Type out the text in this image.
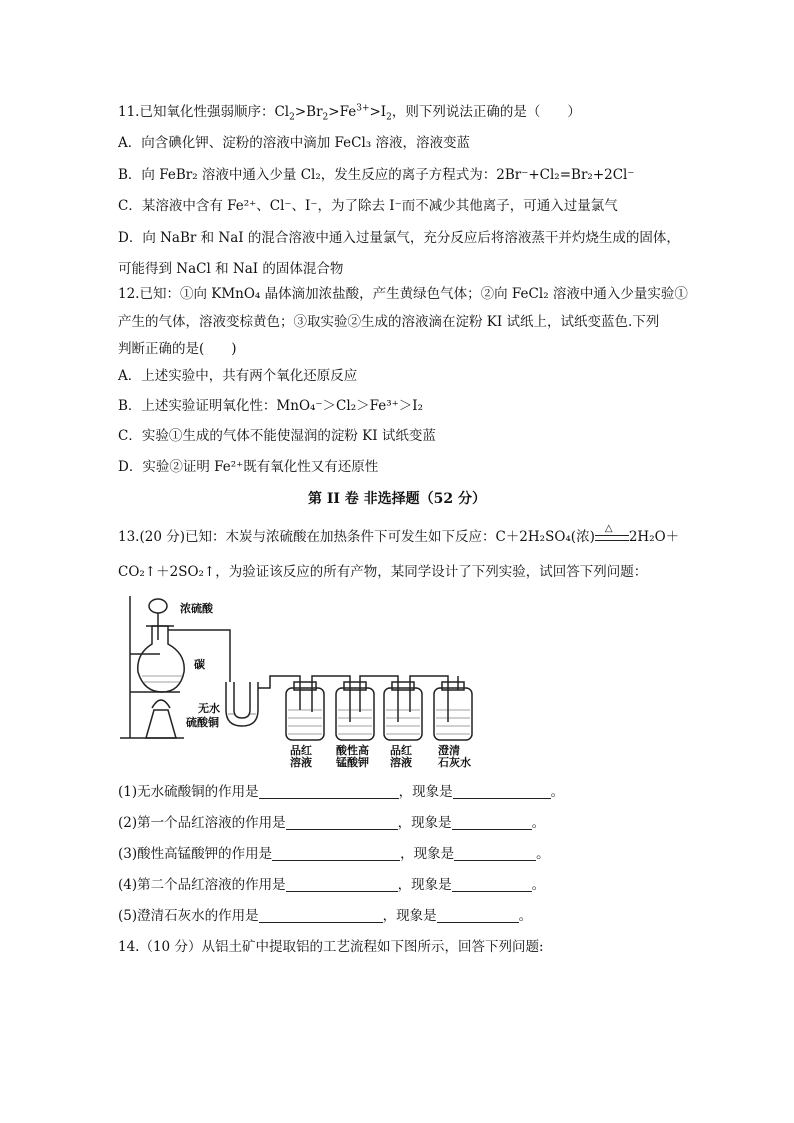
11.已知氧化性强弱顺序：$Cl_2>Br_2>Fe^{3+}>I_2$，则下列说法正确的是（　　）
A．向含碘化钾、淀粉的溶液中滴加 FeCl₃ 溶液，溶液变蓝
B．向 FeBr₂ 溶液中通入少量 Cl₂，发生反应的离子方程式为：2Br⁻+Cl₂=Br₂+2Cl⁻
C．某溶液中含有 Fe²⁺、Cl⁻、I⁻，为了除去 I⁻而不减少其他离子，可通入过量氯气
D．向 NaBr 和 NaI 的混合溶液中通入过量氯气，充分反应后将溶液蒸干并灼烧生成的固体，
可能得到 NaCl 和 NaI 的固体混合物
12.已知：①向 KMnO₄ 晶体滴加浓盐酸，产生黄绿色气体；②向 FeCl₂ 溶液中通入少量实验①
产生的气体，溶液变棕黄色；③取实验②生成的溶液滴在淀粉 KI 试纸上，试纸变蓝色.下列
判断正确的是(　　)
A．上述实验中，共有两个氧化还原反应
B．上述实验证明氧化性：MnO₄⁻＞Cl₂＞Fe³⁺＞I₂
C．实验①生成的气体不能使湿润的淀粉 KI 试纸变蓝
D．实验②证明 Fe²⁺既有氧化性又有还原性
第 II 卷 非选择题（52 分）
13.(20 分)已知：木炭与浓硫酸在加热条件下可发生如下反应：C＋2H₂SO₄(浓)
△
2H₂O＋
CO₂↑＋2SO₂↑，为验证该反应的所有产物，某同学设计了下列实验，试回答下列问题：
浓硫酸
碳
无水
硫酸铜
品红
溶液
酸性高
锰酸钾
品红
溶液
澄清
石灰水
(1)无水硫酸铜的作用是	，现象是	。
(2)第一个品红溶液的作用是	，现象是	。
(3)酸性高锰酸钾的作用是	，现象是	。
(4)第二个品红溶液的作用是	，现象是	。
(5)澄清石灰水的作用是	，现象是	。
14.（10 分）从铝土矿中提取铝的工艺流程如下图所示，回答下列问题:
